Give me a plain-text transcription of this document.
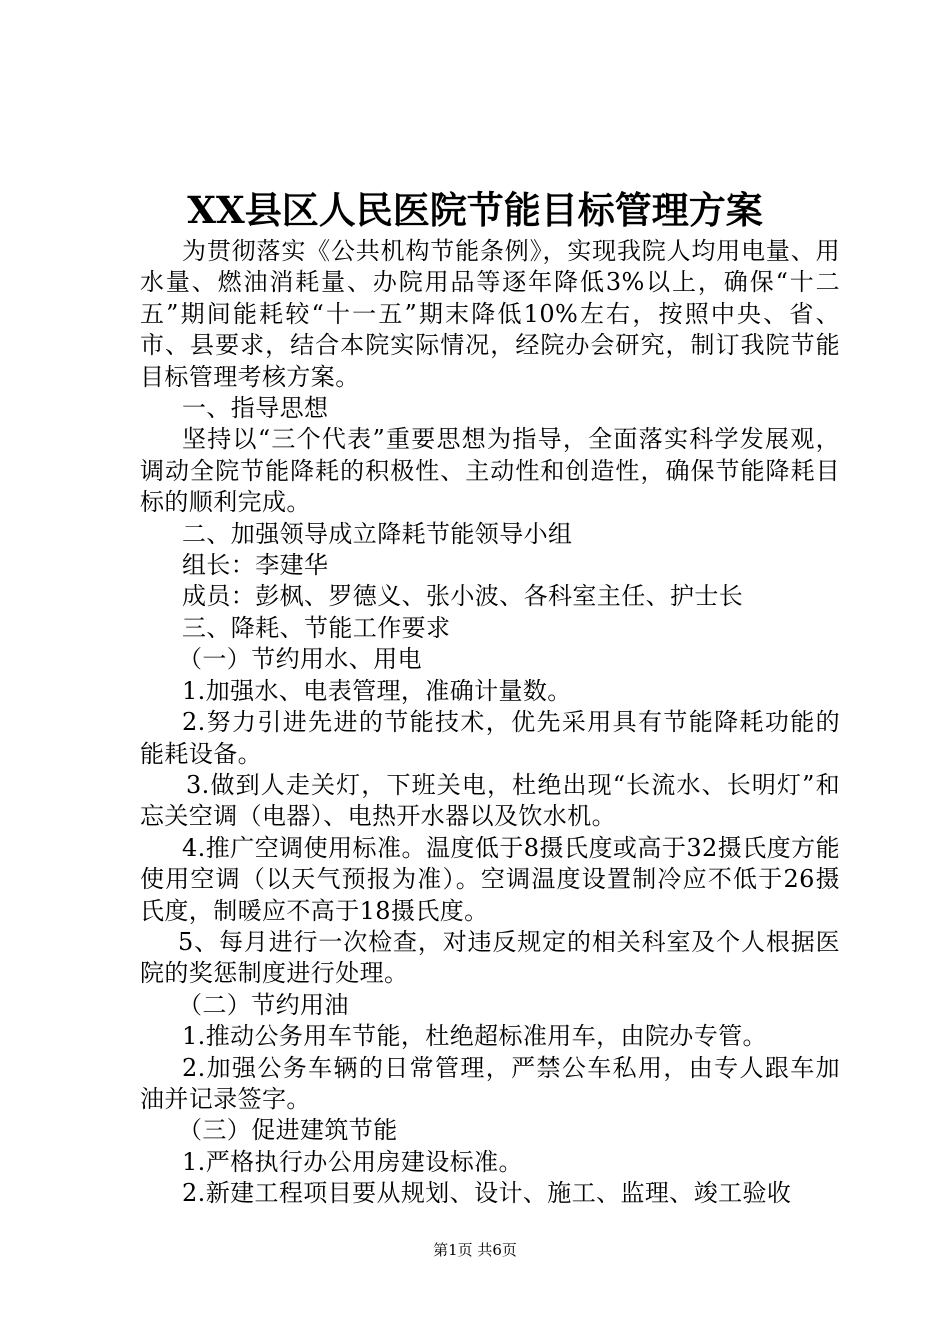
XX县区人民医院节能目标管理方案

为贯彻落实《公共机构节能条例》，实现我院人均用电量、用水量、燃油消耗量、办院用品等逐年降低3%以上，确保“十二五”期间能耗较“十一五”期末降低10%左右，按照中央、省、市、县要求，结合本院实际情况，经院办会研究，制订我院节能目标管理考核方案。

一、指导思想

坚持以“三个代表”重要思想为指导，全面落实科学发展观，调动全院节能降耗的积极性、主动性和创造性，确保节能降耗目标的顺利完成。

二、加强领导成立降耗节能领导小组

组长：李建华

成员：彭枫、罗德义、张小波、各科室主任、护士长

三、降耗、节能工作要求

（一）节约用水、用电

1.加强水、电表管理，准确计量数。

2.努力引进先进的节能技术，优先采用具有节能降耗功能的能耗设备。

3.做到人走关灯，下班关电，杜绝出现“长流水、长明灯”和忘关空调（电器）、电热开水器以及饮水机。

4.推广空调使用标准。温度低于8摄氏度或高于32摄氏度方能使用空调（以天气预报为准）。空调温度设置制冷应不低于26摄氏度，制暖应不高于18摄氏度。

5、每月进行一次检查，对违反规定的相关科室及个人根据医院的奖惩制度进行处理。

（二）节约用油

1.推动公务用车节能，杜绝超标准用车，由院办专管。

2.加强公务车辆的日常管理，严禁公车私用，由专人跟车加油并记录签字。

（三）促进建筑节能

1.严格执行办公用房建设标准。

2.新建工程项目要从规划、设计、施工、监理、竣工验收

第1页 共6页
